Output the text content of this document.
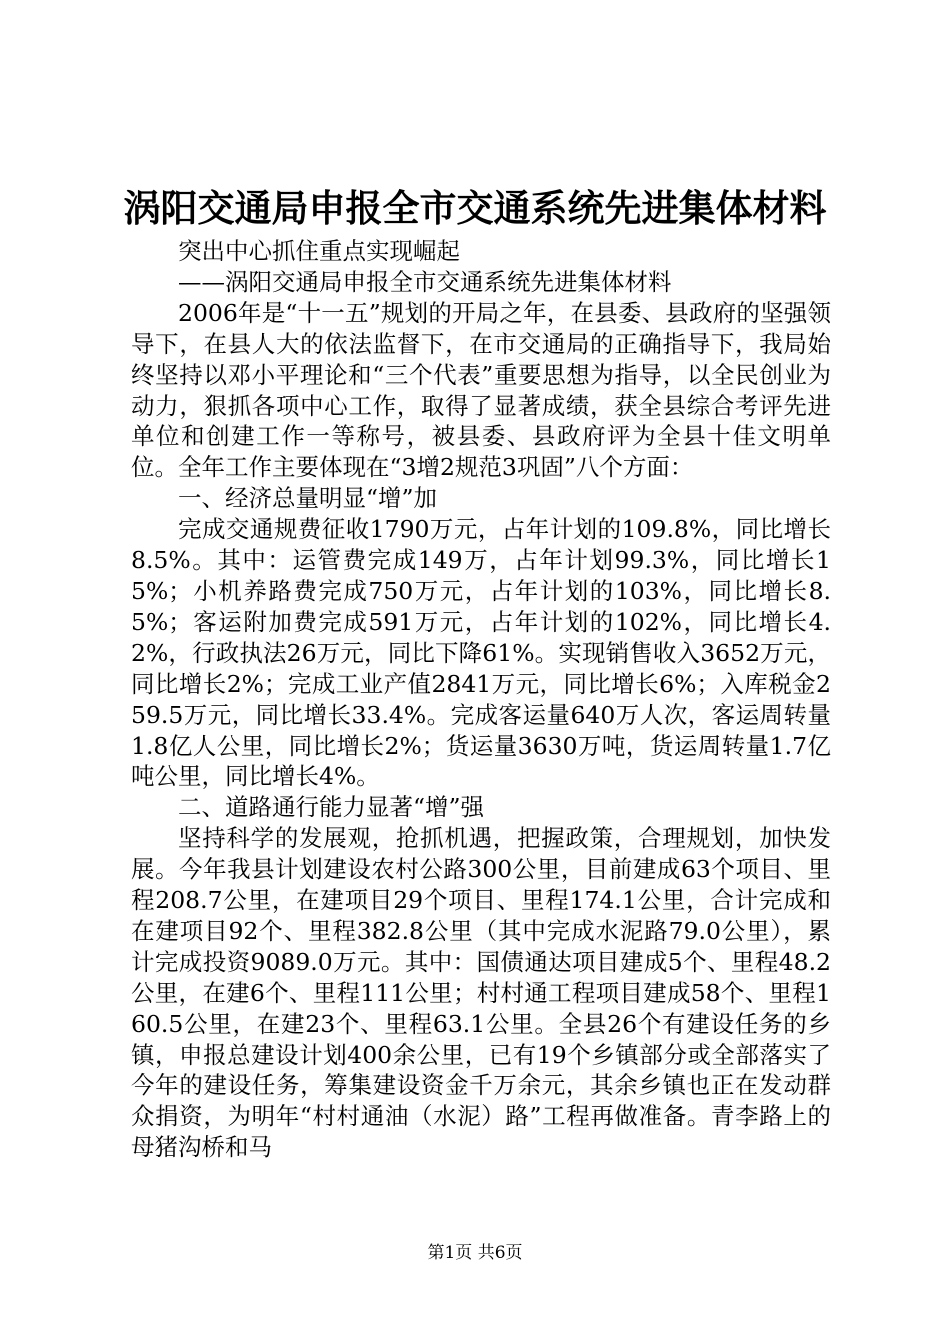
涡阳交通局申报全市交通系统先进集体材料

突出中心抓住重点实现崛起

——涡阳交通局申报全市交通系统先进集体材料

2006年是“十一五”规划的开局之年，在县委、县政府的坚强领导下，在县人大的依法监督下，在市交通局的正确指导下，我局始终坚持以邓小平理论和“三个代表”重要思想为指导，以全民创业为动力，狠抓各项中心工作，取得了显著成绩，获全县综合考评先进单位和创建工作一等称号，被县委、县政府评为全县十佳文明单位。全年工作主要体现在“3增2规范3巩固”八个方面：

一、经济总量明显“增”加

完成交通规费征收1790万元，占年计划的109.8%，同比增长8.5%。其中：运管费完成149万，占年计划99.3%，同比增长15%；小机养路费完成750万元，占年计划的103%，同比增长8.5%；客运附加费完成591万元，占年计划的102%，同比增长4.2%，行政执法26万元，同比下降61%。实现销售收入3652万元，同比增长2%；完成工业产值2841万元，同比增长6%；入库税金259.5万元，同比增长33.4%。完成客运量640万人次，客运周转量1.8亿人公里，同比增长2%；货运量3630万吨，货运周转量1.7亿吨公里，同比增长4%。

二、道路通行能力显著“增”强

坚持科学的发展观，抢抓机遇，把握政策，合理规划，加快发展。今年我县计划建设农村公路300公里，目前建成63个项目、里程208.7公里，在建项目29个项目、里程174.1公里，合计完成和在建项目92个、里程382.8公里（其中完成水泥路79.0公里），累计完成投资9089.0万元。其中：国债通达项目建成5个、里程48.2公里，在建6个、里程111公里；村村通工程项目建成58个、里程160.5公里，在建23个、里程63.1公里。全县26个有建设任务的乡镇，申报总建设计划400余公里，已有19个乡镇部分或全部落实了今年的建设任务，筹集建设资金千万余元，其余乡镇也正在发动群众捐资，为明年“村村通油（水泥）路”工程再做准备。青李路上的母猪沟桥和马

第1页 共6页
